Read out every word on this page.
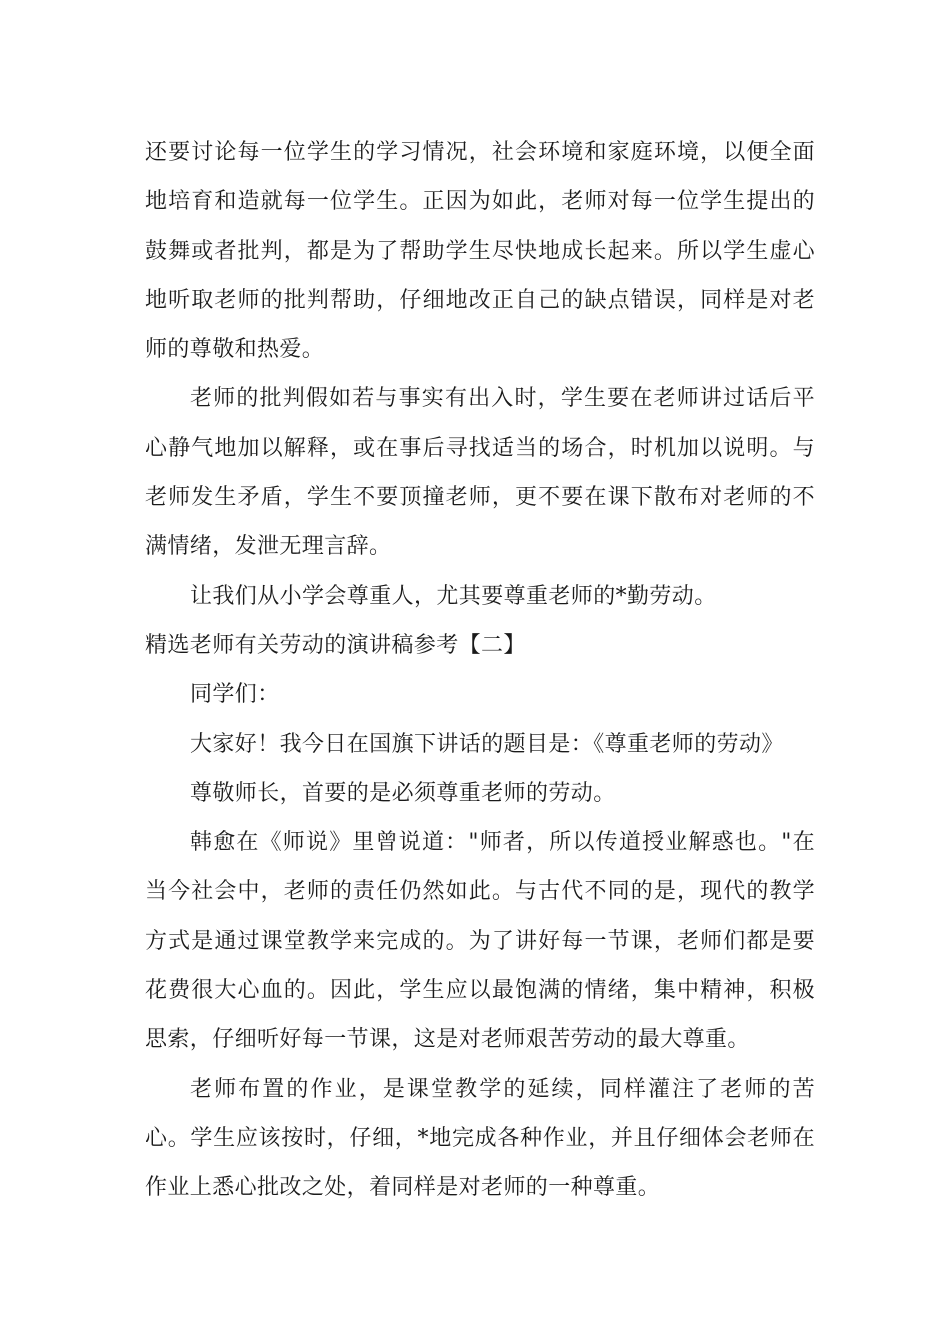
还要讨论每一位学生的学习情况，社会环境和家庭环境，以便全面地培育和造就每一位学生。正因为如此，老师对每一位学生提出的鼓舞或者批判，都是为了帮助学生尽快地成长起来。所以学生虚心地听取老师的批判帮助，仔细地改正自己的缺点错误，同样是对老师的尊敬和热爱。

老师的批判假如若与事实有出入时，学生要在老师讲过话后平心静气地加以解释，或在事后寻找适当的场合，时机加以说明。与老师发生矛盾，学生不要顶撞老师，更不要在课下散布对老师的不满情绪，发泄无理言辞。

让我们从小学会尊重人，尤其要尊重老师的*勤劳动。

精选老师有关劳动的演讲稿参考【二】

同学们：

大家好！我今日在国旗下讲话的题目是：《尊重老师的劳动》

尊敬师长，首要的是必须尊重老师的劳动。

韩愈在《师说》里曾说道："师者，所以传道授业解惑也。"在当今社会中，老师的责任仍然如此。与古代不同的是，现代的教学方式是通过课堂教学来完成的。为了讲好每一节课，老师们都是要花费很大心血的。因此，学生应以最饱满的情绪，集中精神，积极思索，仔细听好每一节课，这是对老师艰苦劳动的最大尊重。

老师布置的作业，是课堂教学的延续，同样灌注了老师的苦心。学生应该按时，仔细，*地完成各种作业，并且仔细体会老师在作业上悉心批改之处，着同样是对老师的一种尊重。
